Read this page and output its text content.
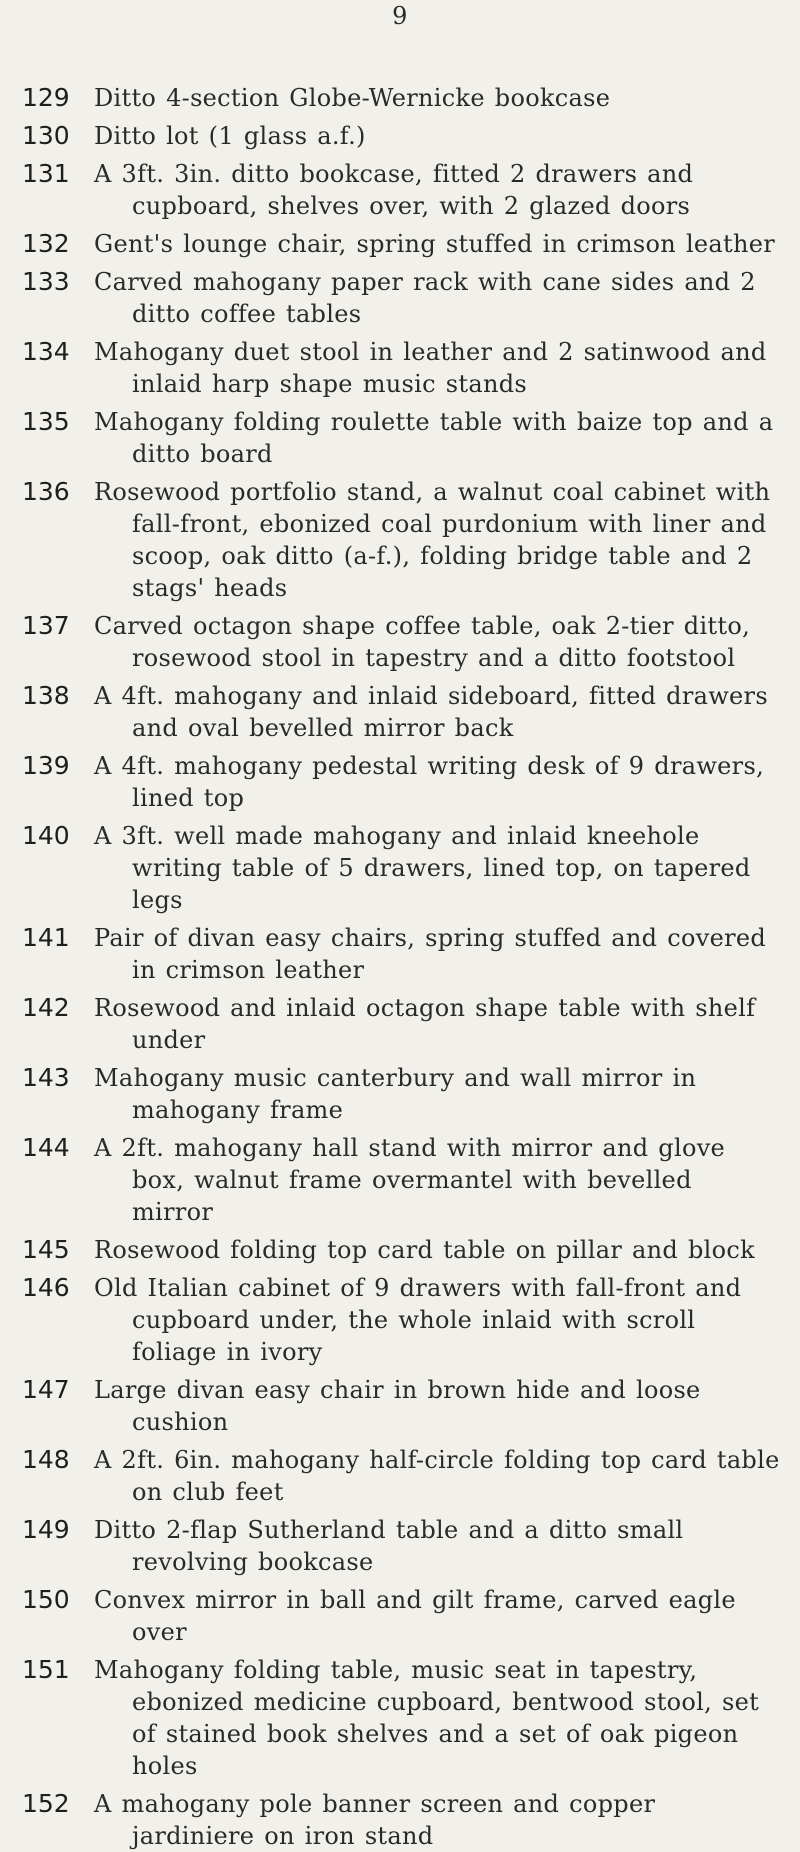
9
129	Ditto 4-section Globe-Wernicke bookcase
130	Ditto lot (1 glass a.f.)
131	A 3ft. 3in. ditto bookcase, fitted 2 drawers and cupboard, shelves over, with 2 glazed doors
132	Gent's lounge chair, spring stuffed in crimson leather
133	Carved mahogany paper rack with cane sides and 2 ditto coffee tables
134	Mahogany duet stool in leather and 2 satinwood and inlaid harp shape music stands
135	Mahogany folding roulette table with baize top and a ditto board
136	Rosewood portfolio stand, a walnut coal cabinet with fall-front, ebonized coal purdonium with liner and scoop, oak ditto (a-f.), folding bridge table and 2 stags' heads
137	Carved octagon shape coffee table, oak 2-tier ditto, rosewood stool in tapestry and a ditto footstool
138	A 4ft. mahogany and inlaid sideboard, fitted drawers and oval bevelled mirror back
139	A 4ft. mahogany pedestal writing desk of 9 drawers, lined top
140	A 3ft. well made mahogany and inlaid kneehole writing table of 5 drawers, lined top, on tapered legs
141	Pair of divan easy chairs, spring stuffed and covered in crimson leather
142	Rosewood and inlaid octagon shape table with shelf under
143	Mahogany music canterbury and wall mirror in mahogany frame
144	A 2ft. mahogany hall stand with mirror and glove box, walnut frame overmantel with bevelled mirror
145	Rosewood folding top card table on pillar and block
146	Old Italian cabinet of 9 drawers with fall-front and cupboard under, the whole inlaid with scroll foliage in ivory
147	Large divan easy chair in brown hide and loose cushion
148	A 2ft. 6in. mahogany half-circle folding top card table on club feet
149	Ditto 2-flap Sutherland table and a ditto small revolving bookcase
150	Convex mirror in ball and gilt frame, carved eagle over
151	Mahogany folding table, music seat in tapestry, ebonized medicine cupboard, bentwood stool, set of stained book shelves and a set of oak pigeon holes
152	A mahogany pole banner screen and copper jardiniere on iron stand
